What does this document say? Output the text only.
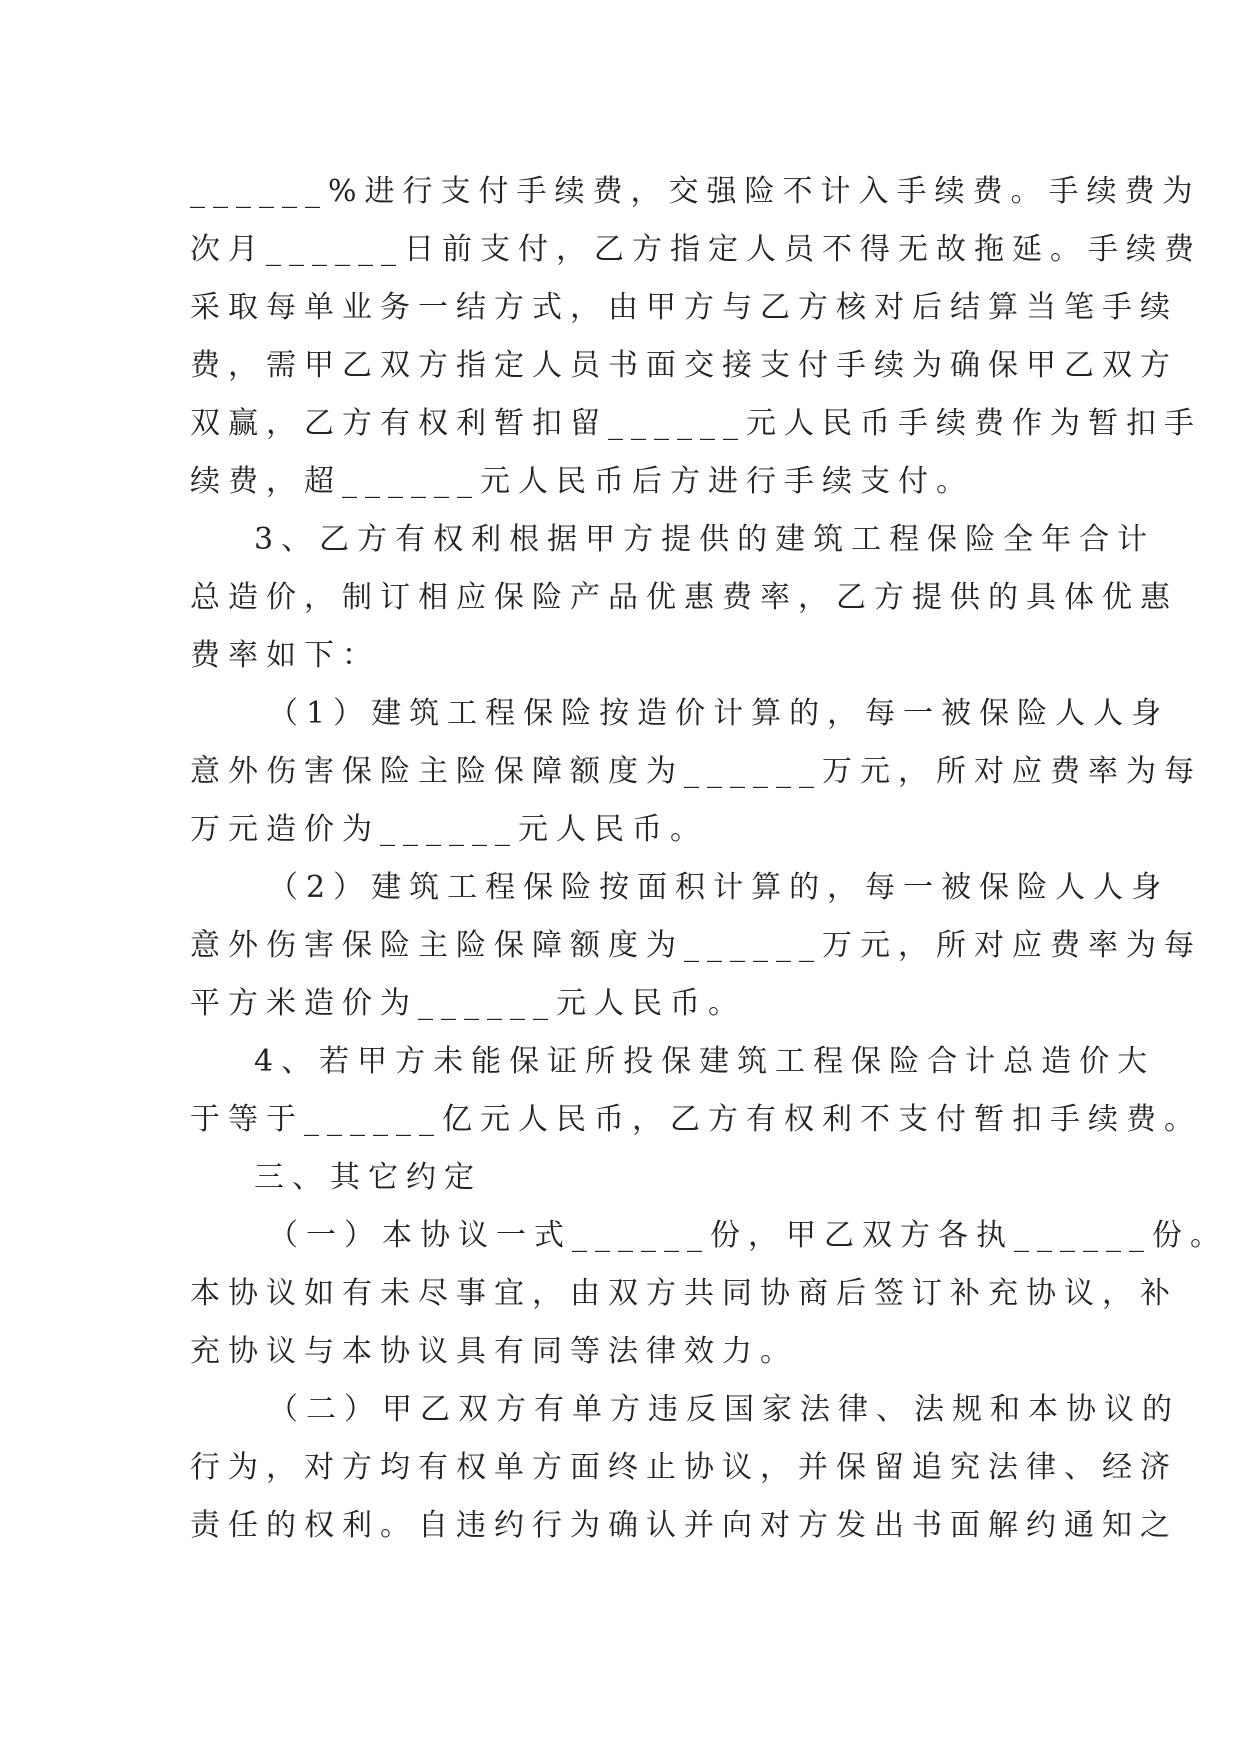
______%进行支付手续费，交强险不计入手续费。手续费为
次月______日前支付，乙方指定人员不得无故拖延。手续费
采取每单业务一结方式，由甲方与乙方核对后结算当笔手续
费，需甲乙双方指定人员书面交接支付手续为确保甲乙双方
双赢，乙方有权利暂扣留______元人民币手续费作为暂扣手
续费，超______元人民币后方进行手续支付。
3、乙方有权利根据甲方提供的建筑工程保险全年合计
总造价，制订相应保险产品优惠费率，乙方提供的具体优惠
费率如下：
（1）建筑工程保险按造价计算的，每一被保险人人身
意外伤害保险主险保障额度为______万元，所对应费率为每
万元造价为______元人民币。
（2）建筑工程保险按面积计算的，每一被保险人人身
意外伤害保险主险保障额度为______万元，所对应费率为每
平方米造价为______元人民币。
4、若甲方未能保证所投保建筑工程保险合计总造价大
于等于______亿元人民币，乙方有权利不支付暂扣手续费。
三、其它约定
（一）本协议一式______份，甲乙双方各执______份。
本协议如有未尽事宜，由双方共同协商后签订补充协议，补
充协议与本协议具有同等法律效力。
（二）甲乙双方有单方违反国家法律、法规和本协议的
行为，对方均有权单方面终止协议，并保留追究法律、经济
责任的权利。自违约行为确认并向对方发出书面解约通知之
